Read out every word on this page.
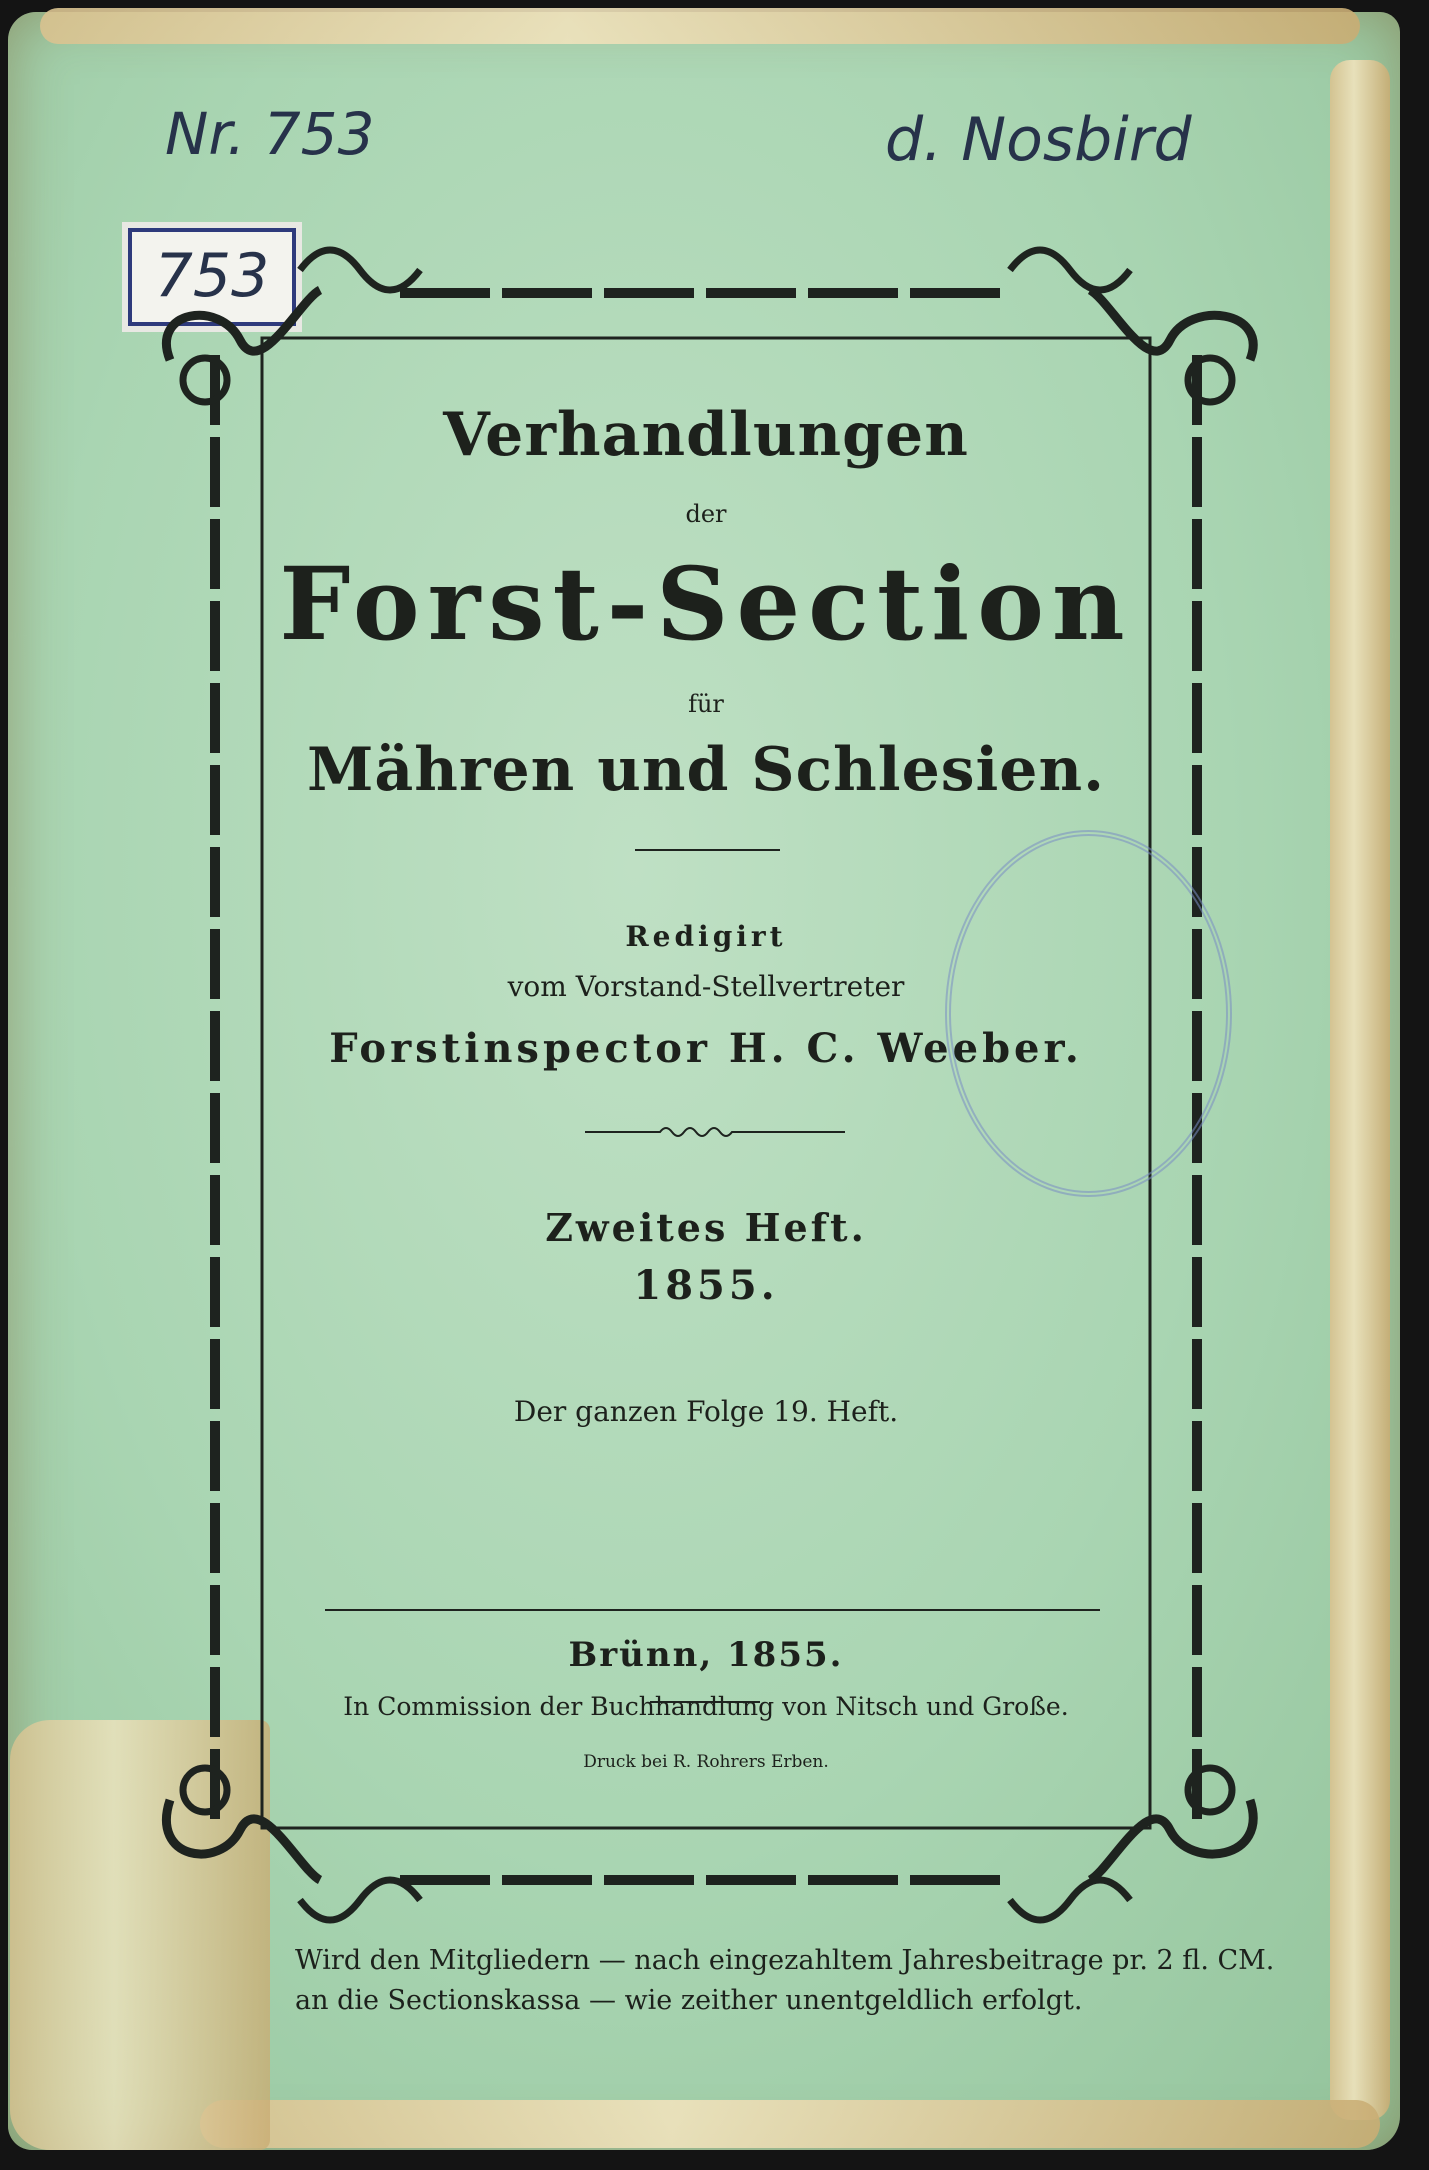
Nr. 753
753
d. Nosbird
Verhandlungen
der
Forst-Section
für
Mähren und Schlesien.
Redigirt
vom Vorstand-Stellvertreter
Forstinspector H. C. Weeber.
Zweites Heft.
1855.
Der ganzen Folge 19. Heft.
Brünn, 1855.
In Commission der Buchhandlung von Nitsch und Große.
Druck bei R. Rohrers Erben.
Wird den Mitgliedern — nach eingezahltem Jahresbeitrage pr. 2 fl. CM.
an die Sectionskassa — wie zeither unentgeldlich erfolgt.
